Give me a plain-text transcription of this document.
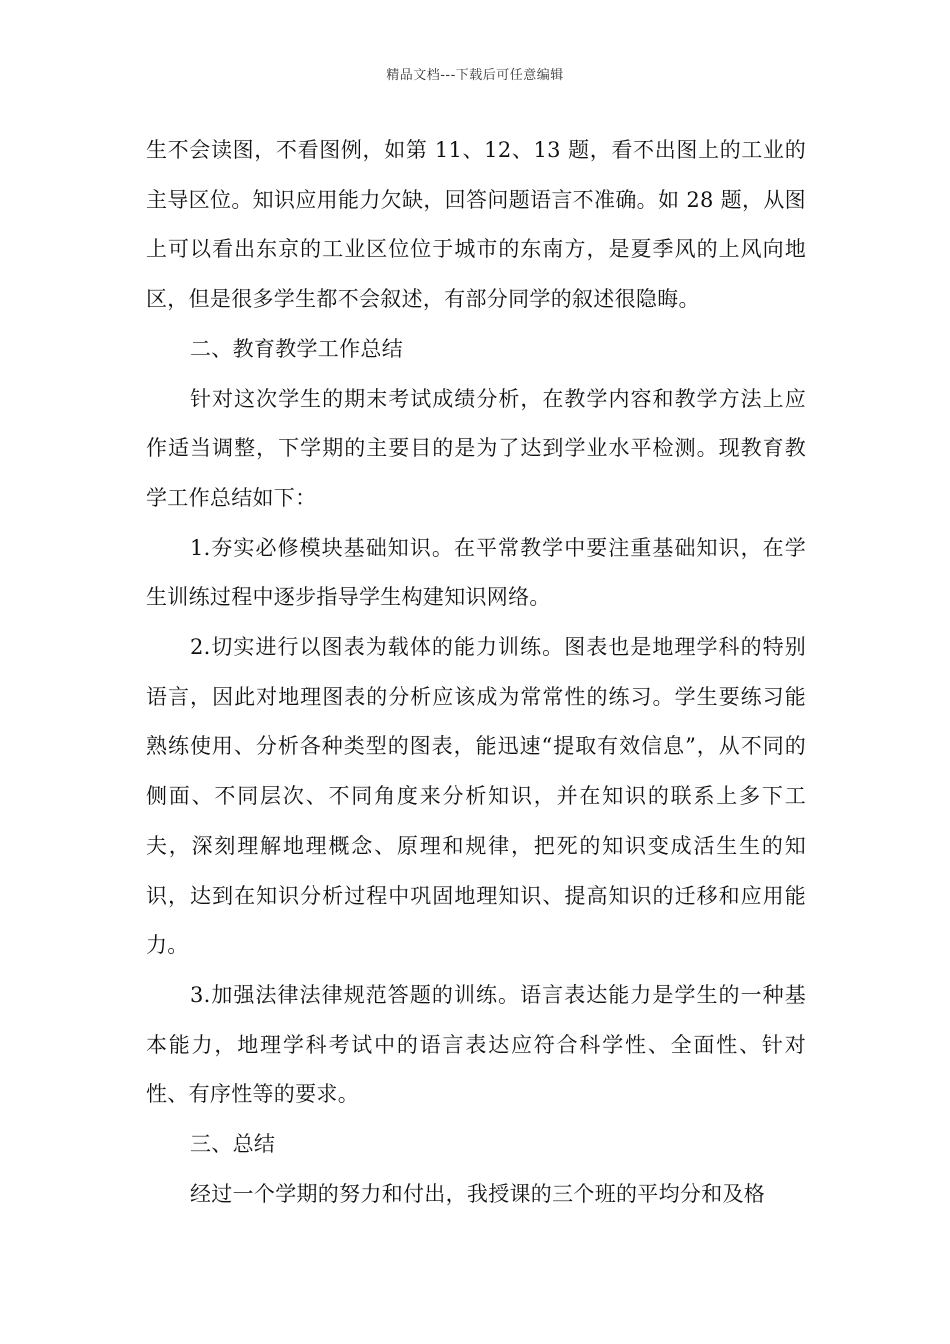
精品文档---下载后可任意编辑

生不会读图，不看图例，如第 11、12、13 题，看不出图上的工业的主导区位。知识应用能力欠缺，回答问题语言不准确。如 28 题，从图上可以看出东京的工业区位位于城市的东南方，是夏季风的上风向地区，但是很多学生都不会叙述，有部分同学的叙述很隐晦。

二、教育教学工作总结

针对这次学生的期末考试成绩分析，在教学内容和教学方法上应作适当调整，下学期的主要目的是为了达到学业水平检测。现教育教学工作总结如下：

1.夯实必修模块基础知识。在平常教学中要注重基础知识，在学生训练过程中逐步指导学生构建知识网络。

2.切实进行以图表为载体的能力训练。图表也是地理学科的特别语言，因此对地理图表的分析应该成为常常性的练习。学生要练习能熟练使用、分析各种类型的图表，能迅速“提取有效信息”，从不同的侧面、不同层次、不同角度来分析知识，并在知识的联系上多下工夫，深刻理解地理概念、原理和规律，把死的知识变成活生生的知识，达到在知识分析过程中巩固地理知识、提高知识的迁移和应用能力。

3.加强法律法律规范答题的训练。语言表达能力是学生的一种基本能力，地理学科考试中的语言表达应符合科学性、全面性、针对性、有序性等的要求。

三、总结

经过一个学期的努力和付出，我授课的三个班的平均分和及格
